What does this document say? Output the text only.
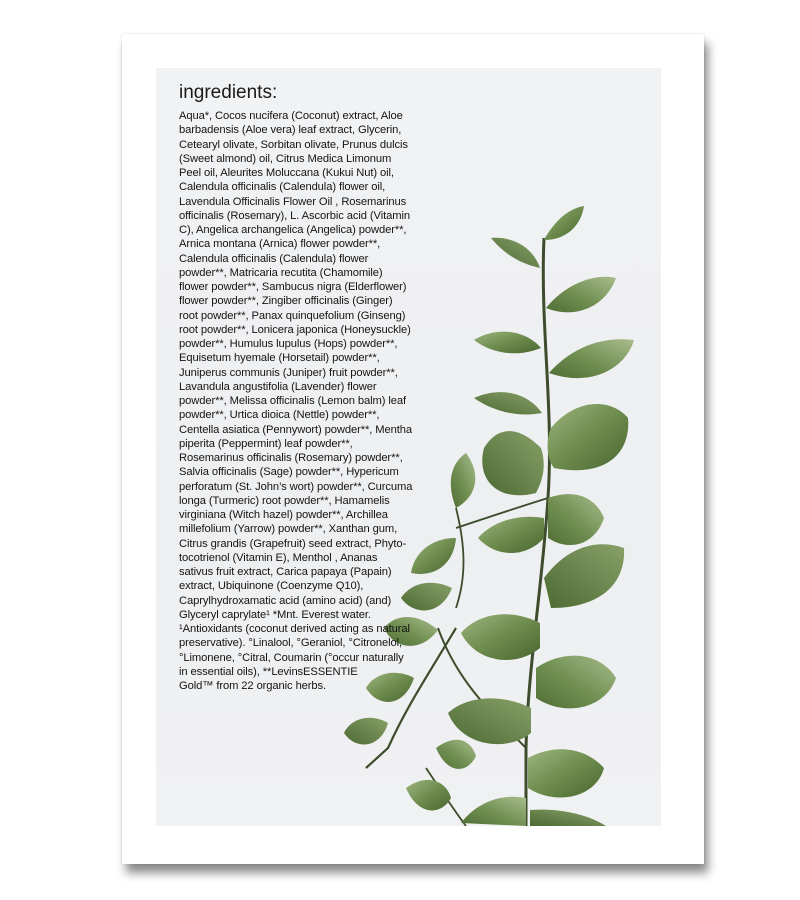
ingredients:

Aqua*, Cocos nucifera (Coconut) extract, Aloe
barbadensis (Aloe vera) leaf extract, Glycerin,
Cetearyl olivate, Sorbitan olivate, Prunus dulcis
(Sweet almond) oil, Citrus Medica Limonum
Peel oil, Aleurites Moluccana (Kukui Nut) oil,
Calendula officinalis (Calendula) flower oil,
Lavendula Officinalis Flower Oil , Rosemarinus
officinalis (Rosemary), L. Ascorbic acid (Vitamin
C), Angelica archangelica (Angelica) powder**,
Arnica montana (Arnica) flower powder**,
Calendula officinalis (Calendula) flower
powder**, Matricaria recutita (Chamomile)
flower powder**, Sambucus nigra (Elderflower)
flower powder**, Zingiber officinalis (Ginger)
root powder**, Panax quinquefolium (Ginseng)
root powder**, Lonicera japonica (Honeysuckle)
powder**, Humulus lupulus (Hops) powder**,
Equisetum hyemale (Horsetail) powder**,
Juniperus communis (Juniper) fruit powder**,
Lavandula angustifolia (Lavender) flower
powder**, Melissa officinalis (Lemon balm) leaf
powder**, Urtica dioica (Nettle) powder**,
Centella asiatica (Pennywort) powder**, Mentha
piperita (Peppermint) leaf powder**,
Rosemarinus officinalis (Rosemary) powder**,
Salvia officinalis (Sage) powder**, Hypericum
perforatum (St. John’s wort) powder**, Curcuma
longa (Turmeric) root powder**, Hamamelis
virginiana (Witch hazel) powder**, Archillea
millefolium (Yarrow) powder**, Xanthan gum,
Citrus grandis (Grapefruit) seed extract, Phyto-
tocotrienol (Vitamin E), Menthol , Ananas
sativus fruit extract, Carica papaya (Papain)
extract, Ubiquinone (Coenzyme Q10),
Caprylhydroxamatic acid (amino acid) (and)
Glyceryl caprylate¹ *Mnt. Everest water.
¹Antioxidants (coconut derived acting as natural
preservative). °Linalool, °Geraniol, °Citronelol,
°Limonene, °Citral, Coumarin (°occur naturally
in essential oils), **LevinsESSENTIE
Gold™ from 22 organic herbs.
